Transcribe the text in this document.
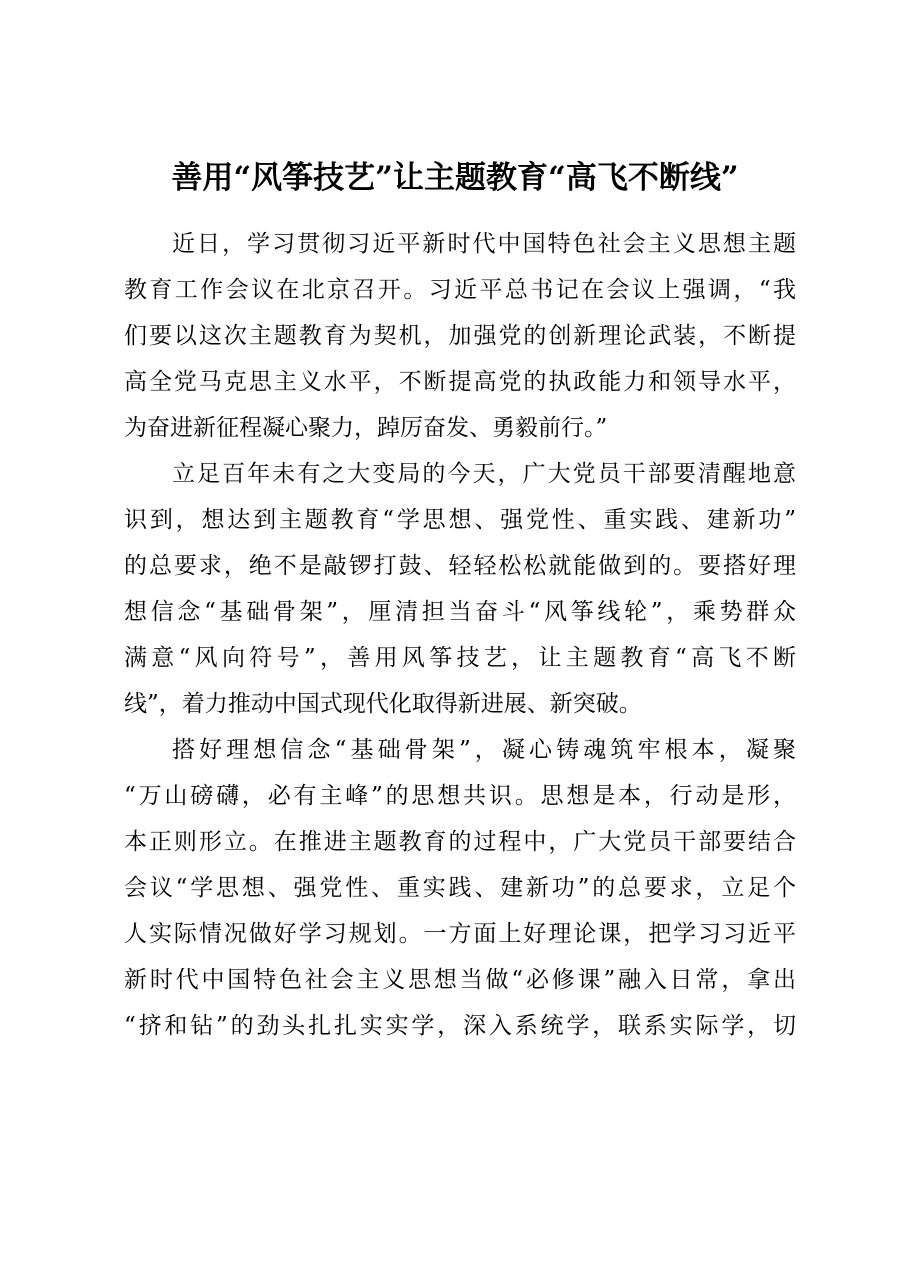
善用“风筝技艺”让主题教育“高飞不断线”
近日，学习贯彻习近平新时代中国特色社会主义思想主题
教育工作会议在北京召开。习近平总书记在会议上强调，“我
们要以这次主题教育为契机，加强党的创新理论武装，不断提
高全党马克思主义水平，不断提高党的执政能力和领导水平，
为奋进新征程凝心聚力，踔厉奋发、勇毅前行。”
立足百年未有之大变局的今天，广大党员干部要清醒地意
识到，想达到主题教育“学思想、强党性、重实践、建新功”
的总要求，绝不是敲锣打鼓、轻轻松松就能做到的。要搭好理
想信念“基础骨架”，厘清担当奋斗“风筝线轮”，乘势群众
满意“风向符号”，善用风筝技艺，让主题教育“高飞不断
线”，着力推动中国式现代化取得新进展、新突破。
搭好理想信念“基础骨架”，凝心铸魂筑牢根本，凝聚
“万山磅礴，必有主峰”的思想共识。思想是本，行动是形，
本正则形立。在推进主题教育的过程中，广大党员干部要结合
会议“学思想、强党性、重实践、建新功”的总要求，立足个
人实际情况做好学习规划。一方面上好理论课，把学习习近平
新时代中国特色社会主义思想当做“必修课”融入日常，拿出
“挤和钻”的劲头扎扎实实学，深入系统学，联系实际学，切
